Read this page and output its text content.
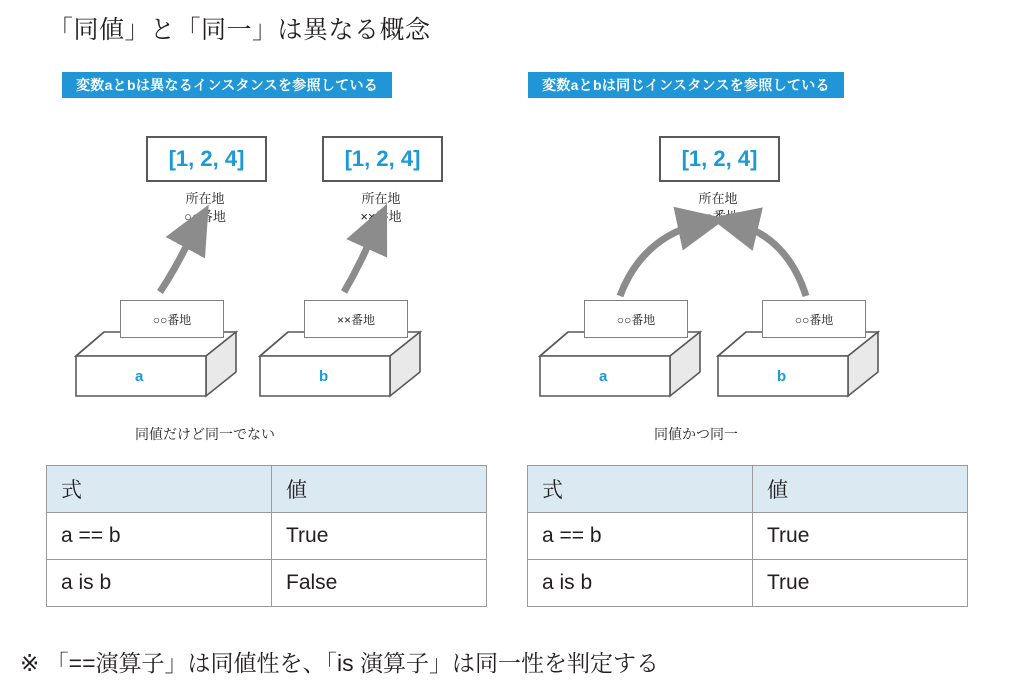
「同値」と「同一」は異なる概念
変数aとbは異なるインスタンスを参照している	変数aとbは同じインスタンスを参照している
[1, 2, 4]	[1, 2, 4]
所在地
○○番地
所在地
××番地
a
○○番地
b
××番地
同値だけど同一でない
[1, 2, 4]
所在地
○○番地
a
○○番地
b
○○番地
同値かつ同一
式	値
a == b	True
a is b	False
式	値
a == b	True
a is b	True
※ 「==演算子」は同値性を、「is 演算子」は同一性を判定する
